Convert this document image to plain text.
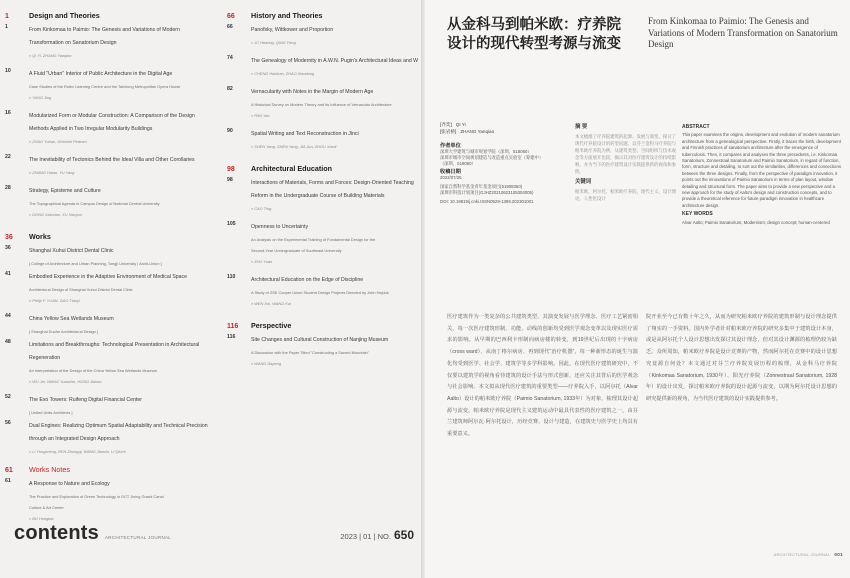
1	Design and Theories
1	From Kinkomaa to Paimio: The Genesis and Variations of Modern
Transformation on Sanatorium Design
» QI Yi, ZHANG Yanqiao
10	A Fluid "Urban" Interior of Public Architecture in the Digital Age
Case Studies of the Rolex Learning Centre and the Taichung Metropolitan Opera House
» YANG Jing
16	Modularized Form or Modular Construction: A Comparison of the Design
Methods Applied in Two Irregular Modularity Buildings
» ZHAO Yuhan, Ghebriel Pedram
22	The Inevitability of Tectonics Behind the Ideal Villa and Other Corollaries
» ZHANG Haiao, YU Yang
28	Strategy, Episteme and Culture
The Topographical Agenda in Campus Design of National Central University
» DONG Xiaoxiao, XU Haoyun
36	Works
36	Shanghai Xuhui District Dental Clinic
[ College of Architecture and Urban Planning, Tongji University | Archi-Union ]
41	Embodied Experience in the Adaptive Environment of Medical Space
Architectural Design of Shanghai Xuhui District Dental Clinic
» Philip F. YUAN, GAO Tianyi
44	China Yellow Sea Wetlands Museum
[ Shanghai Duohe Architectural Design ]
48	Limitations and Breakthroughs: Technological Presentation in Architectural
Regeneration
An Interpretation of the Design of the China Yellow Sea Wetlands Museum
» WU Jin, WANG Yuanzhe, HONG Jiahao
52	The Exo Towers: Ruifeng Digital Financial Center
[ United Units Architects ]
56	Dual Engines: Realizing Optimum Spatial Adaptability and Technical Precision
through an Integrated Design Approach
» LI Yongzheng, REN Zhongqi, WANG Jianxin, LI Qiuhe
61	Works Notes
61	A Response to Nature and Ecology
The Practice and Exploration of Green Technology in OCT Jining Grand Canal
Culture & Art Center
» BO Hongtao
66	History and Theories
66	Panofsky, Wittkower and Proportion
» JC Hearing, QING Feng
74	The Genealogy of Modernity in A.W.N. Pugin's Architectural Ideas and W
» CHENG Haishan, ZHAO Xiaodong
82	Vernacularity with Notes in the Margin of Modern Age
A Historical Survey on Modern Theory and Its Influence of Vernacular Architecture
» PAN Yan
90	Spatial Writing and Text Reconstruction in Jinci
» SHEN Yang, SHEN Yang, JIA Jun, ZHOU Xiaoli
98	Architectural Education
98	Interactions of Materials, Forms and Forces: Design-Oriented Teaching
Reform in the Undergraduate Course of Building Materials
» CAO Ting
105	Openness to Uncertainty
An Analysis on the Experimental Training of Fundamental Design for the
Second-Year Undergraduate of Southeast University
» ZHU Yuan
110	Architectural Education on the Edge of Discipline
A Study of ZSE Cooper Union Student Design Projects Directed by John Hejduk
» WEN Xin, WANG Kai
116	Perspective
116	Site Changes and Cultural Construction of Nanjing Museum
A Discussion with the Paper Titled "Constructing a Sacred Mountain"
» WANG Dapeng
contents ARCHITECTURAL JOURNAL	2023 | 01 | NO. 650
从金科马到帕米欧：疗养院设计的现代转型考源与流变
From Kinkomaa to Paimio: The Genesis and Variations of Modern Transformation on Sanatorium Design
[齐奕] QI Yi
[张岩桥] ZHANG Yanqiao
作者单位
深圳大学建筑与城市规划学院（深圳，518060）
深圳市城市空间规划建造与改造重点实验室（筹建中）
（深圳，518060）
收稿日期
2022/07/25
国家自然科学基金青年基金项目(51908360)
深圳市科技计划项目(GJHZ20210623105304005)
DOI: 10.19819/j.cnki.ISSN0529-1399.202301001
摘 要
本文梳理了疗养院建筑的起源、发展与演变。探讨了现代疗养院设计的转型问题，以芬兰金科马疗养院与帕米欧疗养院为例，从建筑类型、空间组织与技术观念等方面展开比较，揭示其对医疗建筑设计的持续影响，并为当下的医疗建筑设计实践提供新的视角和参照。
关键词
帕米欧，阿尔托，帕米欧疗养院，现代主义，设计理论，人性化设计
ABSTRACT
This paper examines the origins, development and evolution of modern sanatorium architecture from a genealogical perspective. Firstly, it traces the birth, development and Finnish practices of sanatorium architecture after the emergence of tuberculosis. Then, it compares and analyses the three precedents, i.e. Kinkomaa Sanatorium, Zonnestraal Sanatorium and Paimio Sanatorium, in regard of function, form, structure and detailing, to sort out the similarities, differences and connections between the three designs. Finally, from the perspective of paradigm innovation, it points out the innovations of Paimio Sanatorium in terms of plan layout, window detailing and structural form. The paper aims to provide a new perspective and a new approach for the study of Aalto's design and construction concepts, and to provide a theoretical reference for future paradigm innovation in healthcare architecture design.
KEY WORDS
Alvar Aalto; Paimio Sanatorium; Modernism; design concept; human-centered
医疗建筑作为一类复杂的公共建筑类型，其演变发展与医学理念、医疗工艺紧密相关，每一次医疗建筑形制、功能、动线的创新均受到医学观念变革以及现实医疗需求的影响。从早期的巴西利卡形制向病房楼的转变，到19世纪后出现的十字病房（cross ward），从南丁格尔病房、再到现代“治疗机器”，每一种新形态的诞生与演化均受到医学、社会学、建筑学等多学科影响。因此，在现代医疗建筑研究中，不仅要以建筑学的视角看待建筑的设计手法与形式创新，还应关注其背后的医学观念与社会影响。本文拟从现代医疗建筑的重要类型——疗养院入手，以阿尔托（Alvar Aalto）设计的帕米欧疗养院（Paimio Sanatorium, 1933年）为对象，梳理其设计起源与流变。帕米欧疗养院是现代主义建筑运动中最具代表性的医疗建筑之一，由芬兰建筑师阿尔瓦·阿尔托设计，历经竞赛、设计与建造，在建筑史与医学史上均具有重要意义。
院开业至今已有数十年之久，从而为研究帕米欧疗养院的建筑形制与设计理念提供了翔实的一手资料。国内外学者针对帕米欧疗养院的研究多集中于建筑设计本身，或是从阿尔托个人设计思想出发探讨其设计理念，但对其设计渊源的梳理仍较为缺乏。众所周知，帕米欧疗养院是设计竞赛的产物，然而阿尔托在竞赛中的设计思想究竟源自何处？本文通过对芬兰疗养院发展历程的梳理，从金科马疗养院（Kinkomaa Sanatorium, 1930年）、阳光疗养院（Zonnestraal Sanatorium, 1928年）的设计出发，探讨帕米欧疗养院的设计起源与流变，以期为阿尔托设计思想的研究提供新的视角，为当代医疗建筑的设计实践提供参考。
ARCHITECTURAL JOURNAL 001
